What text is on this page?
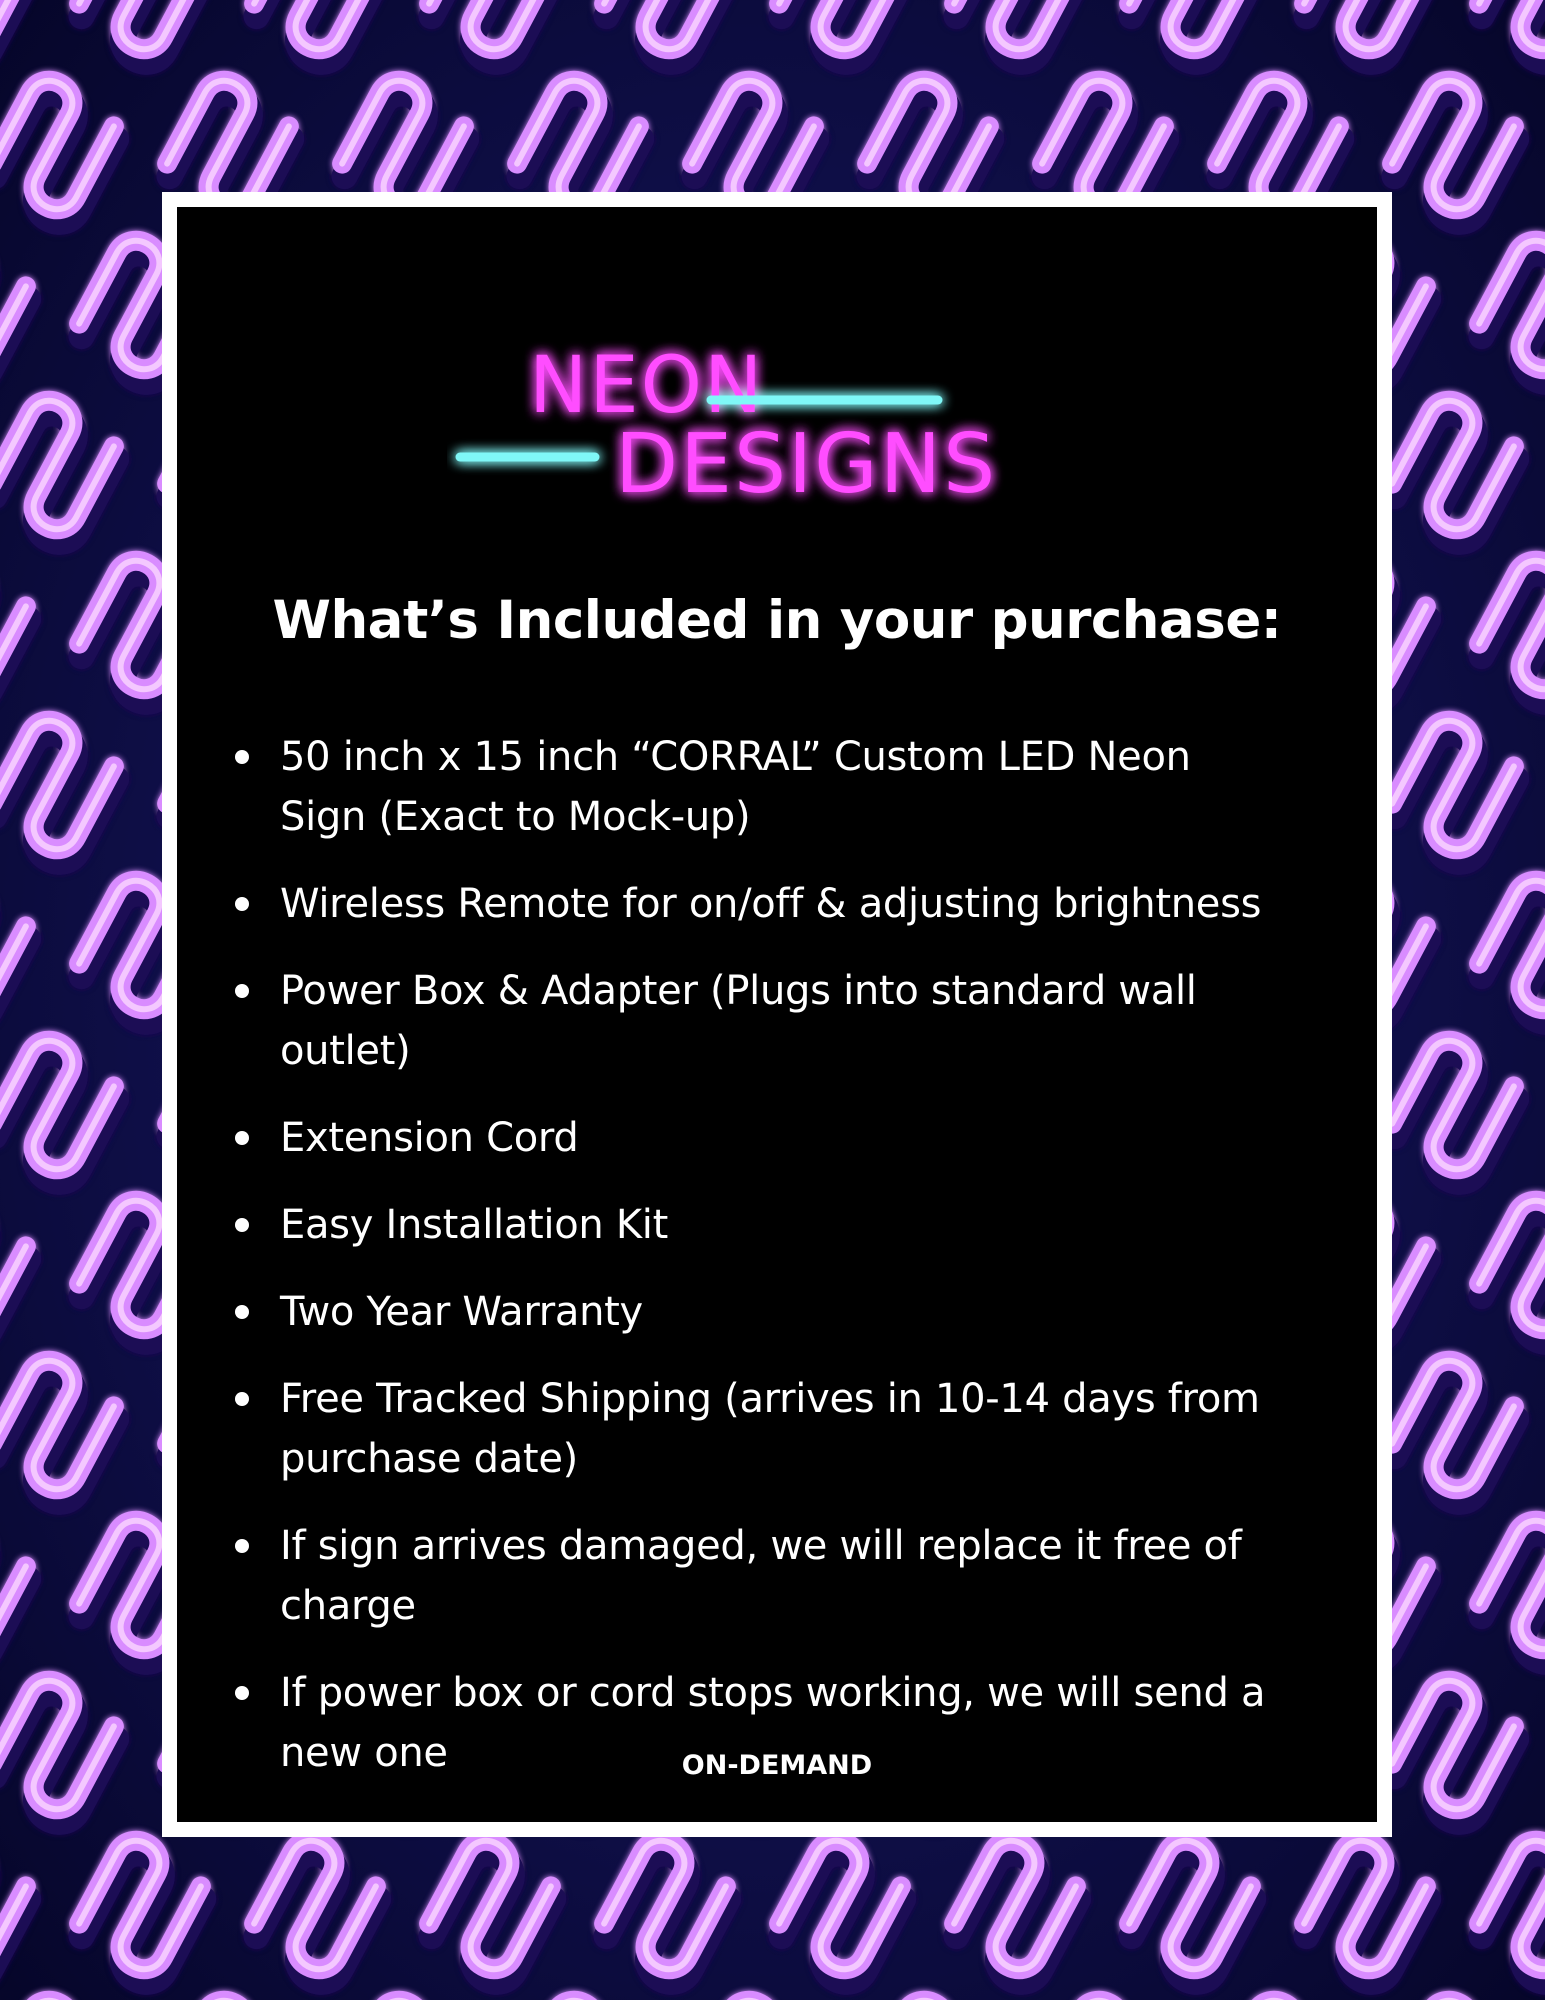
NEON
DESIGNS
What’s Included in your purchase:
50 inch x 15 inch “CORRAL” Custom LED Neon
Sign (Exact to Mock-up)
Wireless Remote for on/off & adjusting brightness
Power Box & Adapter (Plugs into standard wall
outlet)
Extension Cord
Easy Installation Kit
Two Year Warranty
Free Tracked Shipping (arrives in 10-14 days from
purchase date)
If sign arrives damaged, we will replace it free of
charge
If power box or cord stops working, we will send a
new one	ON-DEMAND
